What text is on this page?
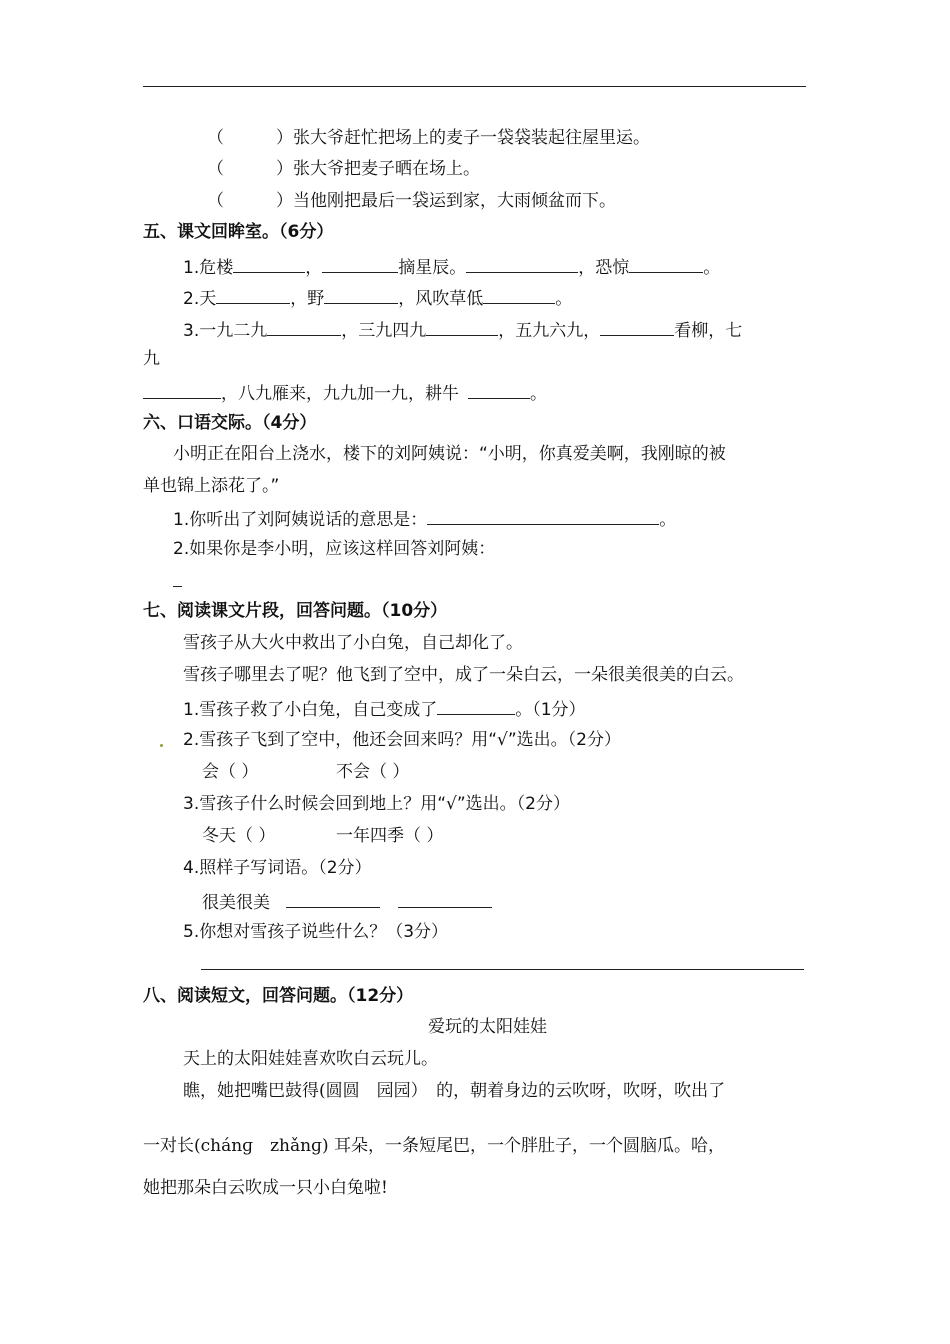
（	）张大爷赶忙把场上的麦子一袋袋装起往屋里运。
（	）张大爷把麦子晒在场上。
（	）当他刚把最后一袋运到家，大雨倾盆而下。
五、课文回眸室。（6分）
1.危楼	，	摘星辰。	，恐惊	。
2.天	，野	，风吹草低	。
3.一九二九	，三九四九	，五九六九，	看柳，七
九
，八九雁来，九九加一九，耕牛	。
六、口语交际。（4分）
小明正在阳台上浇水，楼下的刘阿姨说：“小明，你真爱美啊，我刚晾的被
单也锦上添花了。”
1.你听出了刘阿姨说话的意思是：	。
2.如果你是李小明，应该这样回答刘阿姨：
七、阅读课文片段，回答问题。（10分）
雪孩子从大火中救出了小白兔，自己却化了。
雪孩子哪里去了呢？他飞到了空中，成了一朵白云，一朵很美很美的白云。
1.雪孩子救了小白兔，自己变成了	。（1分）
2.雪孩子飞到了空中，他还会回来吗？用“√”选出。（2分）
会（ ）	不会（ ）
3.雪孩子什么时候会回到地上？用“√”选出。（2分）
冬天（ ）	一年四季（ ）
4.照样子写词语。（2分）
很美很美
5.你想对雪孩子说些什么？（3分）
八、阅读短文，回答问题。（12分）
爱玩的太阳娃娃
天上的太阳娃娃喜欢吹白云玩儿。
瞧，她把嘴巴鼓得(圆圆　园园）　的，朝着身边的云吹呀，吹呀，吹出了
一对长(chánɡ　zhǎnɡ) 耳朵，一条短尾巴，一个胖肚子，一个圆脑瓜。哈，
她把那朵白云吹成一只小白兔啦!
